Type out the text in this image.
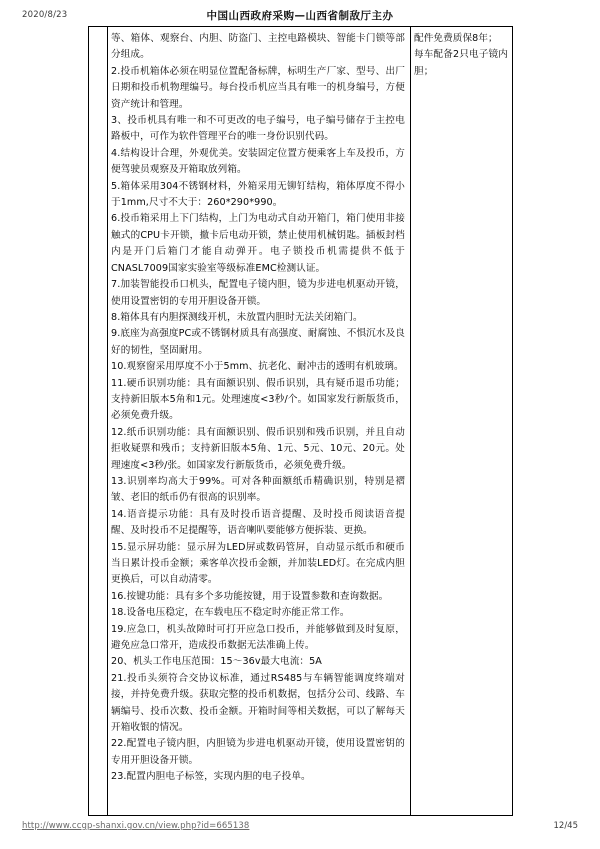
2020/8/23	中国山西政府采购—山西省制敌厅主办

等、箱体、观察台、内胆、防盗门、主控电路模块、智能卡门锁等部分组成。

2.投币机箱体必须在明显位置配备标牌，标明生产厂家、型号、出厂日期和投币机物理编号。每台投币机应当具有唯一的机身编号，方便资产统计和管理。

3、投币机具有唯一和不可更改的电子编号，电子编号储存于主控电路板中，可作为软件管理平台的唯一身份识别代码。

4.结构设计合理，外观优美。安装固定位置方便乘客上车及投币，方便驾驶员观察及开箱取放列箱。

5.箱体采用304不锈钢材料，外箱采用无铆钉结构，箱体厚度不得小于1mm,尺寸不大于：260*290*990。

6.投币箱采用上下门结构，上门为电动式自动开箱门，箱门使用非接触式的CPU卡开锁，撤卡后电动开锁，禁止使用机械钥匙。插板封档内是开门后箱门才能自动弹开。电子锁投币机需提供不低于CNASL7009国家实验室等级标准EMC检测认证。

7.加装智能投币口机头，配置电子镜内胆，镜为步进电机驱动开镜，使用设置密钥的专用开胆设备开锁。

8.箱体具有内胆探测线开机，未放置内胆时无法关闭箱门。

9.底座为高强度PC或不锈钢材质具有高强度、耐腐蚀、不惧沉水及良好的韧性，坚固耐用。

10.观察窗采用厚度不小于5mm、抗老化、耐冲击的透明有机玻璃。

11.硬币识别功能：具有面额识别、假币识别，具有疑币退币功能；支持新旧版本5角和1元。处理速度<3秒/个。如国家发行新版货币，必须免费升级。

12.纸币识别功能：具有面额识别、假币识别和残币识别，并且自动拒收疑票和残币；支持新旧版本5角、1元、5元、10元、20元。处理速度<3秒/张。如国家发行新版货币，必须免费升级。

13.识别率均高大于99%。可对各种面额纸币精确识别，特别是褶皱、老旧的纸币仍有很高的识别率。

14.语音提示功能：具有及时投币语音提醒、及时投币阅读语音提醒、及时投币不足提醒等，语音喇叭要能够方便拆装、更换。

15.显示屏功能：显示屏为LED屏或数码管屏，自动显示纸币和硬币当日累计投币金额；乘客单次投币金额，并加装LED灯。在完成内胆更换后，可以自动清零。

16.按键功能：具有多个多功能按键，用于设置参数和查询数据。

18.设备电压稳定，在车载电压不稳定时亦能正常工作。

19.应急口，机头故障时可打开应急口投币，并能够做到及时复原，避免应急口常开，造成投币数据无法准确上传。

20、机头工作电压范围：15～36v最大电流：5A

21.投币头须符合交协议标准，通过RS485与车辆智能调度终端对接，并持免费升级。获取完整的投币机数据，包括分公司、线路、车辆编号、投币次数、投币金额。开箱时间等相关数据，可以了解每天开箱收银的情况。

22.配置电子镜内胆，内胆镜为步进电机驱动开镜，使用设置密钥的专用开胆设备开锁。

23.配置内胆电子标签，实现内胆的电子投单。

配件免费质保8年；

每车配备2只电子镜内胆；

http://www.ccgp-shanxi.gov.cn/view.php?id=665138	12/45
